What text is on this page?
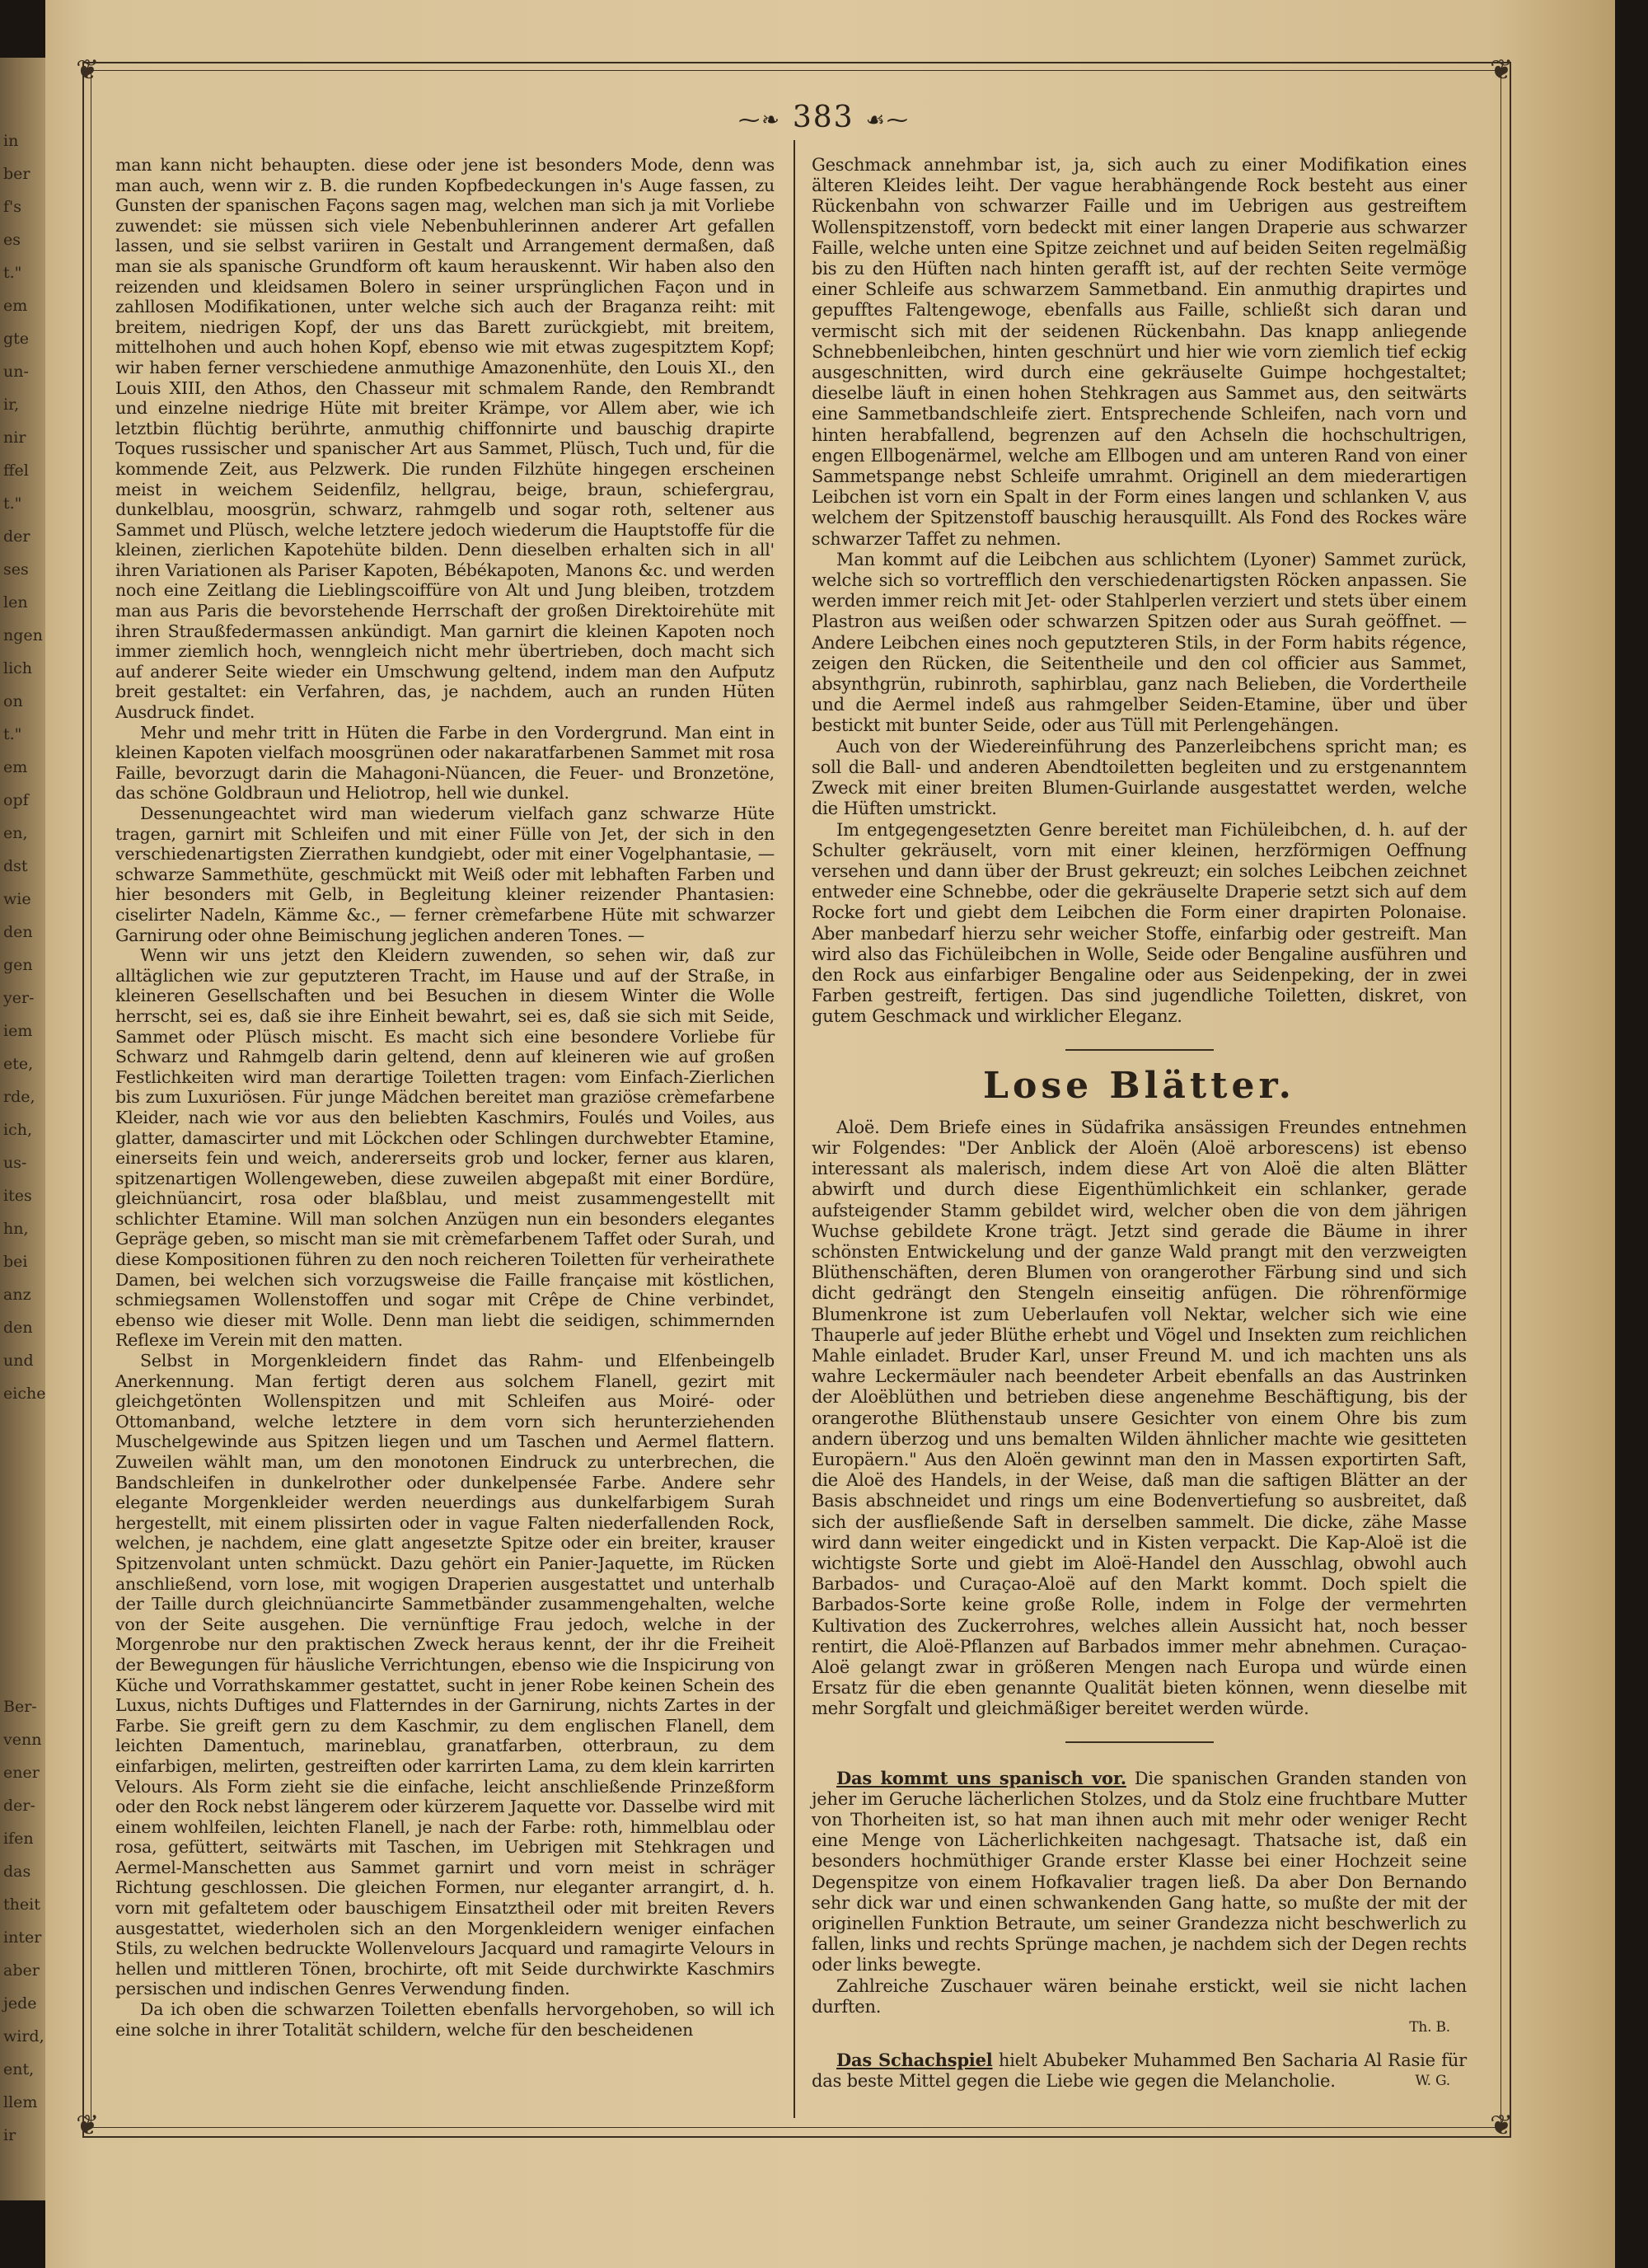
in
ber
f's
es
t."
em
gte
un-
ir,
nir
ffel
t."
der
ses
len
ngen
lich
on
t."
em
opf
en,
dst
wie
den
gen
yer-
iem
ete,
rde,
ich,
us-
ites
hn,
bei
anz
den
und
eiche
Ber-
venn
ener
der-
ifen
das
theit
inter
aber
jede
wird,
ent,
llem
ir
❦	❦
❦	❦
⁓❧ 383 ☙⁓

man kann nicht behaupten. diese oder jene ist besonders Mode, denn was man auch, wenn wir z. B. die runden Kopfbedeckungen in's Auge fassen, zu Gunsten der spanischen Façons sagen mag, welchen man sich ja mit Vorliebe zuwendet: sie müssen sich viele Nebenbuhlerinnen anderer Art gefallen lassen, und sie selbst variiren in Gestalt und Arrangement dermaßen, daß man sie als spanische Grundform oft kaum herauskennt. Wir haben also den reizenden und kleidsamen Bolero in seiner ursprünglichen Façon und in zahllosen Modifikationen, unter welche sich auch der Braganza reiht: mit breitem, niedrigen Kopf, der uns das Barett zurückgiebt, mit breitem, mittelhohen und auch hohen Kopf, ebenso wie mit etwas zugespitztem Kopf; wir haben ferner verschiedene anmuthige Amazonenhüte, den Louis XI., den Louis XIII, den Athos, den Chasseur mit schmalem Rande, den Rembrandt und einzelne niedrige Hüte mit breiter Krämpe, vor Allem aber, wie ich letztbin flüchtig berührte, anmuthig chiffonnirte und bauschig drapirte Toques russischer und spanischer Art aus Sammet, Plüsch, Tuch und, für die kommende Zeit, aus Pelzwerk. Die runden Filzhüte hingegen erscheinen meist in weichem Seidenfilz, hellgrau, beige, braun, schiefergrau, dunkelblau, moosgrün, schwarz, rahmgelb und sogar roth, seltener aus Sammet und Plüsch, welche letztere jedoch wiederum die Hauptstoffe für die kleinen, zierlichen Kapotehüte bilden. Denn dieselben erhalten sich in all' ihren Variationen als Pariser Kapoten, Bébékapoten, Manons &c. und werden noch eine Zeitlang die Lieblingscoiffüre von Alt und Jung bleiben, trotzdem man aus Paris die bevorstehende Herrschaft der großen Direktoirehüte mit ihren Straußfedermassen ankündigt. Man garnirt die kleinen Kapoten noch immer ziemlich hoch, wenngleich nicht mehr übertrieben, doch macht sich auf anderer Seite wieder ein Umschwung geltend, indem man den Aufputz breit gestaltet: ein Verfahren, das, je nachdem, auch an runden Hüten Ausdruck findet.

Mehr und mehr tritt in Hüten die Farbe in den Vordergrund. Man eint in kleinen Kapoten vielfach moosgrünen oder nakaratfarbenen Sammet mit rosa Faille, bevorzugt darin die Mahagoni-Nüancen, die Feuer- und Bronzetöne, das schöne Goldbraun und Heliotrop, hell wie dunkel.

Dessenungeachtet wird man wiederum vielfach ganz schwarze Hüte tragen, garnirt mit Schleifen und mit einer Fülle von Jet, der sich in den verschiedenartigsten Zierrathen kundgiebt, oder mit einer Vogelphantasie, — schwarze Sammethüte, geschmückt mit Weiß oder mit lebhaften Farben und hier besonders mit Gelb, in Begleitung kleiner reizender Phantasien: ciselirter Nadeln, Kämme &c., — ferner crèmefarbene Hüte mit schwarzer Garnirung oder ohne Beimischung jeglichen anderen Tones. —

Wenn wir uns jetzt den Kleidern zuwenden, so sehen wir, daß zur alltäglichen wie zur geputzteren Tracht, im Hause und auf der Straße, in kleineren Gesellschaften und bei Besuchen in diesem Winter die Wolle herrscht, sei es, daß sie ihre Einheit bewahrt, sei es, daß sie sich mit Seide, Sammet oder Plüsch mischt. Es macht sich eine besondere Vorliebe für Schwarz und Rahmgelb darin geltend, denn auf kleineren wie auf großen Festlichkeiten wird man derartige Toiletten tragen: vom Einfach-Zierlichen bis zum Luxuriösen. Für junge Mädchen bereitet man graziöse crèmefarbene Kleider, nach wie vor aus den beliebten Kaschmirs, Foulés und Voiles, aus glatter, damascirter und mit Löckchen oder Schlingen durchwebter Etamine, einerseits fein und weich, andererseits grob und locker, ferner aus klaren, spitzenartigen Wollengeweben, diese zuweilen abgepaßt mit einer Bordüre, gleichnüancirt, rosa oder blaßblau, und meist zusammengestellt mit schlichter Etamine. Will man solchen Anzügen nun ein besonders elegantes Gepräge geben, so mischt man sie mit crèmefarbenem Taffet oder Surah, und diese Kompositionen führen zu den noch reicheren Toiletten für verheirathete Damen, bei welchen sich vorzugsweise die Faille française mit köstlichen, schmiegsamen Wollenstoffen und sogar mit Crêpe de Chine verbindet, ebenso wie dieser mit Wolle. Denn man liebt die seidigen, schimmernden Reflexe im Verein mit den matten.

Selbst in Morgenkleidern findet das Rahm- und Elfenbeingelb Anerkennung. Man fertigt deren aus solchem Flanell, gezirt mit gleichgetönten Wollenspitzen und mit Schleifen aus Moiré- oder Ottomanband, welche letztere in dem vorn sich herunterziehenden Muschelgewinde aus Spitzen liegen und um Taschen und Aermel flattern. Zuweilen wählt man, um den monotonen Eindruck zu unterbrechen, die Bandschleifen in dunkelrother oder dunkelpensée Farbe. Andere sehr elegante Morgenkleider werden neuerdings aus dunkelfarbigem Surah hergestellt, mit einem plissirten oder in vague Falten niederfallenden Rock, welchen, je nachdem, eine glatt angesetzte Spitze oder ein breiter, krauser Spitzenvolant unten schmückt. Dazu gehört ein Panier-Jaquette, im Rücken anschließend, vorn lose, mit wogigen Draperien ausgestattet und unterhalb der Taille durch gleichnüancirte Sammetbänder zusammengehalten, welche von der Seite ausgehen. Die vernünftige Frau jedoch, welche in der Morgenrobe nur den praktischen Zweck heraus kennt, der ihr die Freiheit der Bewegungen für häusliche Verrichtungen, ebenso wie die Inspicirung von Küche und Vorrathskammer gestattet, sucht in jener Robe keinen Schein des Luxus, nichts Duftiges und Flatterndes in der Garnirung, nichts Zartes in der Farbe. Sie greift gern zu dem Kaschmir, zu dem englischen Flanell, dem leichten Damentuch, marineblau, granatfarben, otterbraun, zu dem einfarbigen, melirten, gestreiften oder karrirten Lama, zu dem klein karrirten Velours. Als Form zieht sie die einfache, leicht anschließende Prinzeßform oder den Rock nebst längerem oder kürzerem Jaquette vor. Dasselbe wird mit einem wohlfeilen, leichten Flanell, je nach der Farbe: roth, himmelblau oder rosa, gefüttert, seitwärts mit Taschen, im Uebrigen mit Stehkragen und Aermel-Manschetten aus Sammet garnirt und vorn meist in schräger Richtung geschlossen. Die gleichen Formen, nur eleganter arrangirt, d. h. vorn mit gefaltetem oder bauschigem Einsatztheil oder mit breiten Revers ausgestattet, wiederholen sich an den Morgenkleidern weniger einfachen Stils, zu welchen bedruckte Wollenvelours Jacquard und ramagirte Velours in hellen und mittleren Tönen, brochirte, oft mit Seide durchwirkte Kaschmirs persischen und indischen Genres Verwendung finden.

Da ich oben die schwarzen Toiletten ebenfalls hervorgehoben, so will ich eine solche in ihrer Totalität schildern, welche für den bescheidenen

Geschmack annehmbar ist, ja, sich auch zu einer Modifikation eines älteren Kleides leiht. Der vague herabhängende Rock besteht aus einer Rückenbahn von schwarzer Faille und im Uebrigen aus gestreiftem Wollenspitzenstoff, vorn bedeckt mit einer langen Draperie aus schwarzer Faille, welche unten eine Spitze zeichnet und auf beiden Seiten regelmäßig bis zu den Hüften nach hinten gerafft ist, auf der rechten Seite vermöge einer Schleife aus schwarzem Sammetband. Ein anmuthig drapirtes und gepufftes Faltengewoge, ebenfalls aus Faille, schließt sich daran und vermischt sich mit der seidenen Rückenbahn. Das knapp anliegende Schnebbenleibchen, hinten geschnürt und hier wie vorn ziemlich tief eckig ausgeschnitten, wird durch eine gekräuselte Guimpe hochgestaltet; dieselbe läuft in einen hohen Stehkragen aus Sammet aus, den seitwärts eine Sammetbandschleife ziert. Entsprechende Schleifen, nach vorn und hinten herabfallend, begrenzen auf den Achseln die hochschultrigen, engen Ellbogenärmel, welche am Ellbogen und am unteren Rand von einer Sammetspange nebst Schleife umrahmt. Originell an dem miederartigen Leibchen ist vorn ein Spalt in der Form eines langen und schlanken V, aus welchem der Spitzenstoff bauschig herausquillt. Als Fond des Rockes wäre schwarzer Taffet zu nehmen.

Man kommt auf die Leibchen aus schlichtem (Lyoner) Sammet zurück, welche sich so vortrefflich den verschiedenartigsten Röcken anpassen. Sie werden immer reich mit Jet- oder Stahlperlen verziert und stets über einem Plastron aus weißen oder schwarzen Spitzen oder aus Surah geöffnet. — Andere Leibchen eines noch geputzteren Stils, in der Form habits régence, zeigen den Rücken, die Seitentheile und den col officier aus Sammet, absynthgrün, rubinroth, saphirblau, ganz nach Belieben, die Vordertheile und die Aermel indeß aus rahmgelber Seiden-Etamine, über und über bestickt mit bunter Seide, oder aus Tüll mit Perlengehängen.

Auch von der Wiedereinführung des Panzerleibchens spricht man; es soll die Ball- und anderen Abendtoiletten begleiten und zu erstgenanntem Zweck mit einer breiten Blumen-Guirlande ausgestattet werden, welche die Hüften umstrickt.

Im entgegengesetzten Genre bereitet man Fichüleibchen, d. h. auf der Schulter gekräuselt, vorn mit einer kleinen, herzförmigen Oeffnung versehen und dann über der Brust gekreuzt; ein solches Leibchen zeichnet entweder eine Schnebbe, oder die gekräuselte Draperie setzt sich auf dem Rocke fort und giebt dem Leibchen die Form einer drapirten Polonaise. Aber manbedarf hierzu sehr weicher Stoffe, einfarbig oder gestreift. Man wird also das Fichüleibchen in Wolle, Seide oder Bengaline ausführen und den Rock aus einfarbiger Bengaline oder aus Seidenpeking, der in zwei Farben gestreift, fertigen. Das sind jugendliche Toiletten, diskret, von gutem Geschmack und wirklicher Eleganz.

Lose Blätter.

Aloë. Dem Briefe eines in Südafrika ansässigen Freundes entnehmen wir Folgendes: "Der Anblick der Aloën (Aloë arborescens) ist ebenso interessant als malerisch, indem diese Art von Aloë die alten Blätter abwirft und durch diese Eigenthümlichkeit ein schlanker, gerade aufsteigender Stamm gebildet wird, welcher oben die von dem jährigen Wuchse gebildete Krone trägt. Jetzt sind gerade die Bäume in ihrer schönsten Entwickelung und der ganze Wald prangt mit den verzweigten Blüthenschäften, deren Blumen von orangerother Färbung sind und sich dicht gedrängt den Stengeln einseitig anfügen. Die röhrenförmige Blumenkrone ist zum Ueberlaufen voll Nektar, welcher sich wie eine Thauperle auf jeder Blüthe erhebt und Vögel und Insekten zum reichlichen Mahle einladet. Bruder Karl, unser Freund M. und ich machten uns als wahre Leckermäuler nach beendeter Arbeit ebenfalls an das Austrinken der Aloëblüthen und betrieben diese angenehme Beschäftigung, bis der orangerothe Blüthenstaub unsere Gesichter von einem Ohre bis zum andern überzog und uns bemalten Wilden ähnlicher machte wie gesitteten Europäern." Aus den Aloën gewinnt man den in Massen exportirten Saft, die Aloë des Handels, in der Weise, daß man die saftigen Blätter an der Basis abschneidet und rings um eine Bodenvertiefung so ausbreitet, daß sich der ausfließende Saft in derselben sammelt. Die dicke, zähe Masse wird dann weiter eingedickt und in Kisten verpackt. Die Kap-Aloë ist die wichtigste Sorte und giebt im Aloë-Handel den Ausschlag, obwohl auch Barbados- und Curaçao-Aloë auf den Markt kommt. Doch spielt die Barbados-Sorte keine große Rolle, indem in Folge der vermehrten Kultivation des Zuckerrohres, welches allein Aussicht hat, noch besser rentirt, die Aloë-Pflanzen auf Barbados immer mehr abnehmen. Curaçao-Aloë gelangt zwar in größeren Mengen nach Europa und würde einen Ersatz für die eben genannte Qualität bieten können, wenn dieselbe mit mehr Sorgfalt und gleichmäßiger bereitet werden würde.

Das kommt uns spanisch vor. Die spanischen Granden standen von jeher im Geruche lächerlichen Stolzes, und da Stolz eine fruchtbare Mutter von Thorheiten ist, so hat man ihnen auch mit mehr oder weniger Recht eine Menge von Lächerlichkeiten nachgesagt. Thatsache ist, daß ein besonders hochmüthiger Grande erster Klasse bei einer Hochzeit seine Degenspitze von einem Hofkavalier tragen ließ. Da aber Don Bernando sehr dick war und einen schwankenden Gang hatte, so mußte der mit der originellen Funktion Betraute, um seiner Grandezza nicht beschwerlich zu fallen, links und rechts Sprünge machen, je nachdem sich der Degen rechts oder links bewegte.

Zahlreiche Zuschauer wären beinahe erstickt, weil sie nicht lachen durften.

Th. B.

Das Schachspiel hielt Abubeker Muhammed Ben Sacharia Al Rasie für das beste Mittel gegen die Liebe wie gegen die Melancholie.	W. G.
